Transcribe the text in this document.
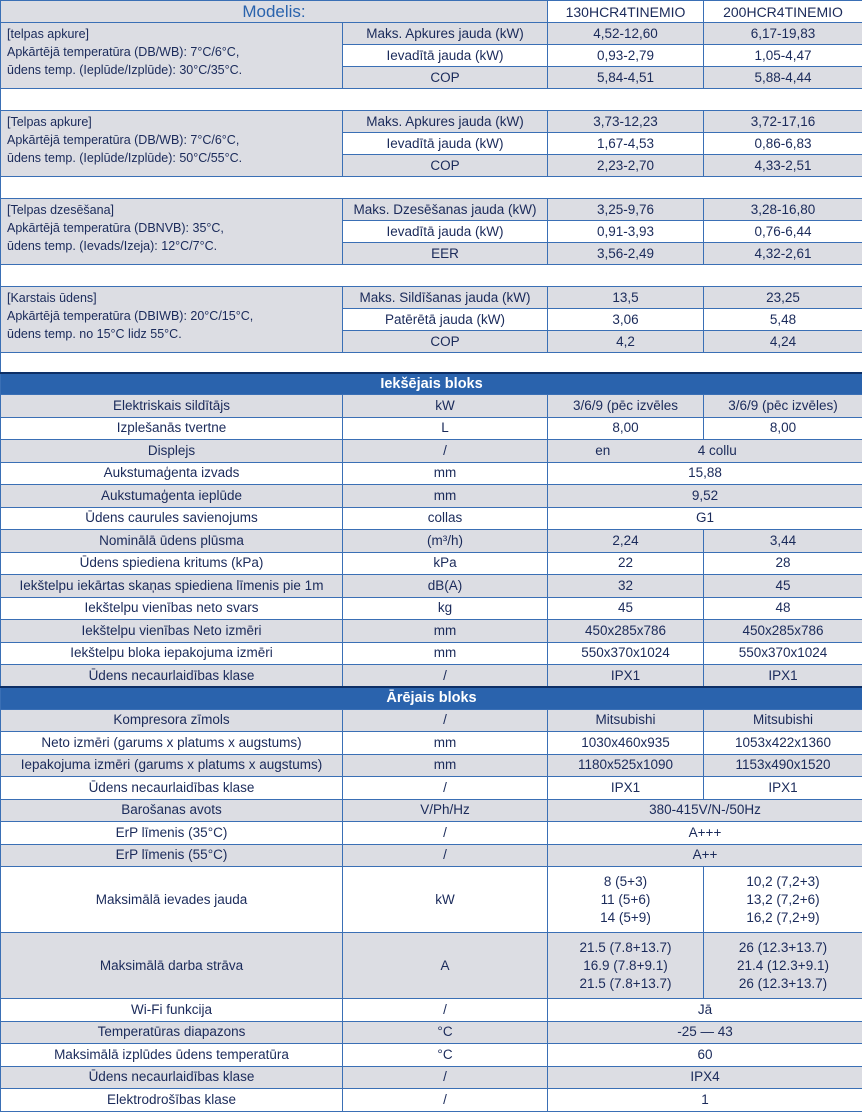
Modelis:		130HCR4TINEMIO	200HCR4TINEMIO

[telpas apkure]
Apkārtējā temperatūra (DB/WB): 7°C/6°C,
ūdens temp. (Ieplūde/Izplūde): 30°C/35°C.	Maks. Apkures jauda (kW)	4,52-12,60	6,17-19,83
	Ievadītā jauda (kW)	0,93-2,79	1,05-4,47
	COP	5,84-4,51	5,88-4,44

[Telpas apkure]
Apkārtējā temperatūra (DB/WB): 7°C/6°C,
ūdens temp. (Ieplūde/Izplūde): 50°C/55°C.	Maks. Apkures jauda (kW)	3,73-12,23	3,72-17,16
	Ievadītā jauda (kW)	1,67-4,53	0,86-6,83
	COP	2,23-2,70	4,33-2,51

[Telpas dzesēšana]
Apkārtējā temperatūra (DBNVB): 35°C,
ūdens temp. (Ievads/Izeja): 12°C/7°C.	Maks. Dzesēšanas jauda (kW)	3,25-9,76	3,28-16,80
	Ievadītā jauda (kW)	0,91-3,93	0,76-6,44
	EER	3,56-2,49	4,32-2,61

[Karstais ūdens]
Apkārtējā temperatūra (DBIWB): 20°C/15°C,
ūdens temp. no 15°C lidz 55°C.	Maks. Sildīšanas jauda (kW)	13,5	23,25
	Patērētā jauda (kW)	3,06	5,48
	COP	4,2	4,24

Iekšējais bloks			
Elektriskais sildītājs	kW	3/6/9 (pēc izvēles	3/6/9 (pēc izvēles)
Izplešanās tvertne	L	8,00	8,00
Displejs	/	en 4 collu	
Aukstumaģenta izvads	mm	15,88	
Aukstumaģenta ieplūde	mm	9,52	
Ūdens caurules savienojums	collas	G1	
Nominālā ūdens plūsma	(m³/h)	2,24	3,44
Ūdens spiediena kritums (kPa)	kPa	22	28
Iekštelpu iekārtas skaņas spiediena līmenis pie 1m	dB(A)	32	45
Iekštelpu vienības neto svars	kg	45	48
Iekštelpu vienības Neto izmēri	mm	450x285x786	450x285x786
Iekštelpu bloka iepakojuma izmēri	mm	550x370x1024	550x370x1024
Ūdens necaurlaidības klase	/	IPX1	IPX1
Ārējais bloks			
Kompresora zīmols	/	Mitsubishi	Mitsubishi
Neto izmēri (garums x platums x augstums)	mm	1030x460x935	1053x422x1360
Iepakojuma izmēri (garums x platums x augstums)	mm	1180x525x1090	1153x490x1520
Ūdens necaurlaidības klase	/	IPX1	IPX1
Barošanas avots	V/Ph/Hz	380-415V/N-/50Hz	
ErP līmenis (35°C)	/	A+++	
ErP līmenis (55°C)	/	A++	
Maksimālā ievades jauda	kW	8 (5+3)
11 (5+6)
14 (5+9)	10,2 (7,2+3)
13,2 (7,2+6)
16,2 (7,2+9)

Maksimālā darba strāva	A	21.5 (7.8+13.7)
16.9 (7.8+9.1)
21.5 (7.8+13.7)	26 (12.3+13.7)
21.4 (12.3+9.1)
26 (12.3+13.7)

Wi-Fi funkcija	/	Jā	
Temperatūras diapazons	°C	-25 — 43	
Maksimālā izplūdes ūdens temperatūra	°C	60	
Ūdens necaurlaidības klase	/	IPX4	
Elektrodrošības klase	/	1	
